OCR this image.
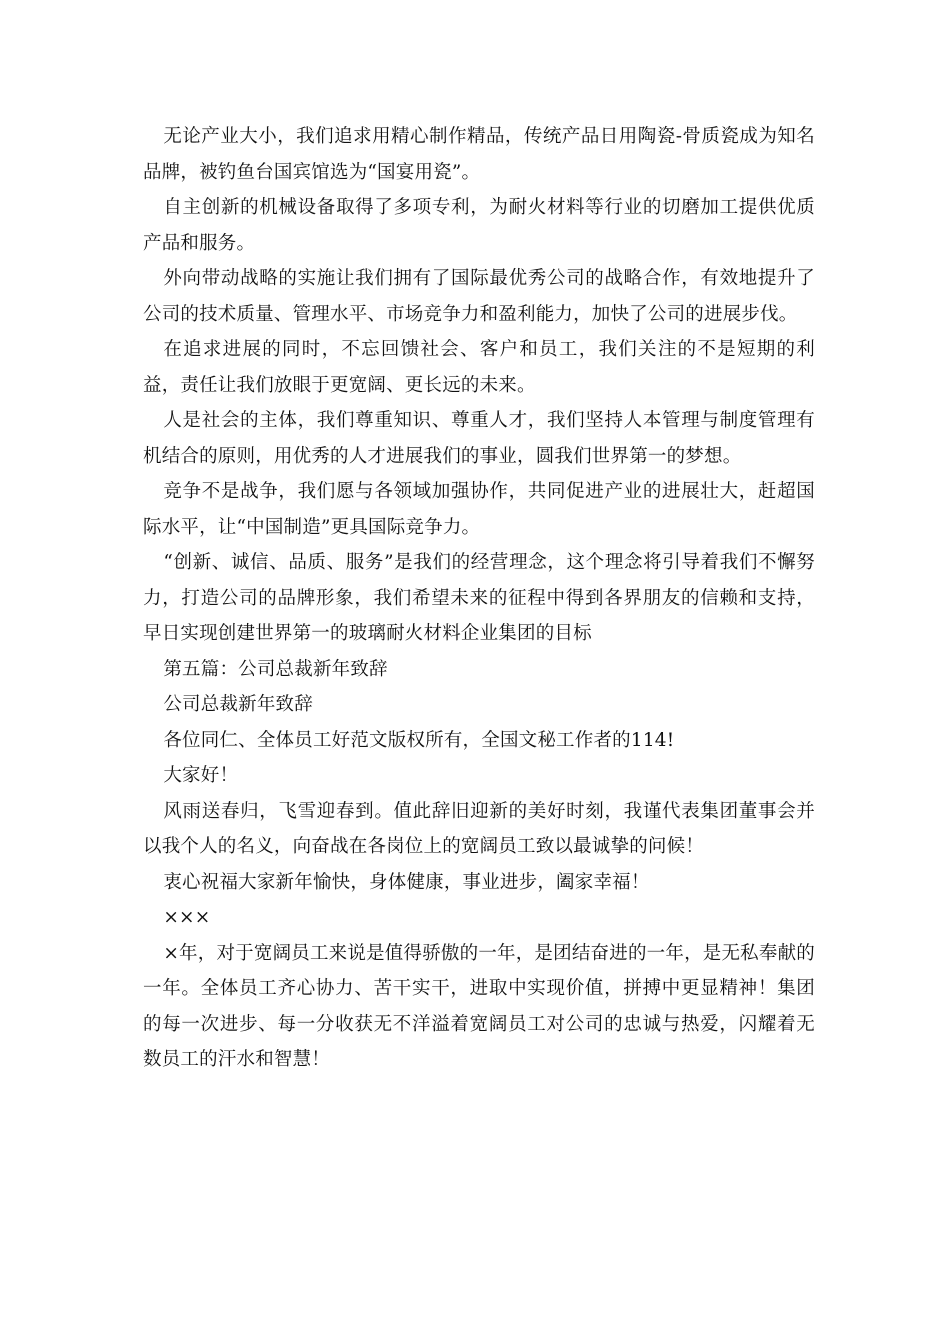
无论产业大小，我们追求用精心制作精品，传统产品日用陶瓷-骨质瓷成为知名品牌，被钓鱼台国宾馆选为“国宴用瓷”。

自主创新的机械设备取得了多项专利，为耐火材料等行业的切磨加工提供优质产品和服务。

外向带动战略的实施让我们拥有了国际最优秀公司的战略合作，有效地提升了公司的技术质量、管理水平、市场竞争力和盈利能力，加快了公司的进展步伐。

在追求进展的同时，不忘回馈社会、客户和员工，我们关注的不是短期的利益，责任让我们放眼于更宽阔、更长远的未来。

人是社会的主体，我们尊重知识、尊重人才，我们坚持人本管理与制度管理有机结合的原则，用优秀的人才进展我们的事业，圆我们世界第一的梦想。

竞争不是战争，我们愿与各领域加强协作，共同促进产业的进展壮大，赶超国际水平，让“中国制造”更具国际竞争力。

“创新、诚信、品质、服务”是我们的经营理念，这个理念将引导着我们不懈努力，打造公司的品牌形象，我们希望未来的征程中得到各界朋友的信赖和支持，早日实现创建世界第一的玻璃耐火材料企业集团的目标

第五篇：公司总裁新年致辞

公司总裁新年致辞

各位同仁、全体员工好范文版权所有，全国文秘工作者的114!

大家好！

风雨送春归，飞雪迎春到。值此辞旧迎新的美好时刻，我谨代表集团董事会并以我个人的名义，向奋战在各岗位上的宽阔员工致以最诚挚的问候！

衷心祝福大家新年愉快，身体健康，事业进步，阖家幸福！

×××

×年，对于宽阔员工来说是值得骄傲的一年，是团结奋进的一年，是无私奉献的一年。全体员工齐心协力、苦干实干，进取中实现价值，拼搏中更显精神！集团的每一次进步、每一分收获无不洋溢着宽阔员工对公司的忠诚与热爱，闪耀着无数员工的汗水和智慧！
